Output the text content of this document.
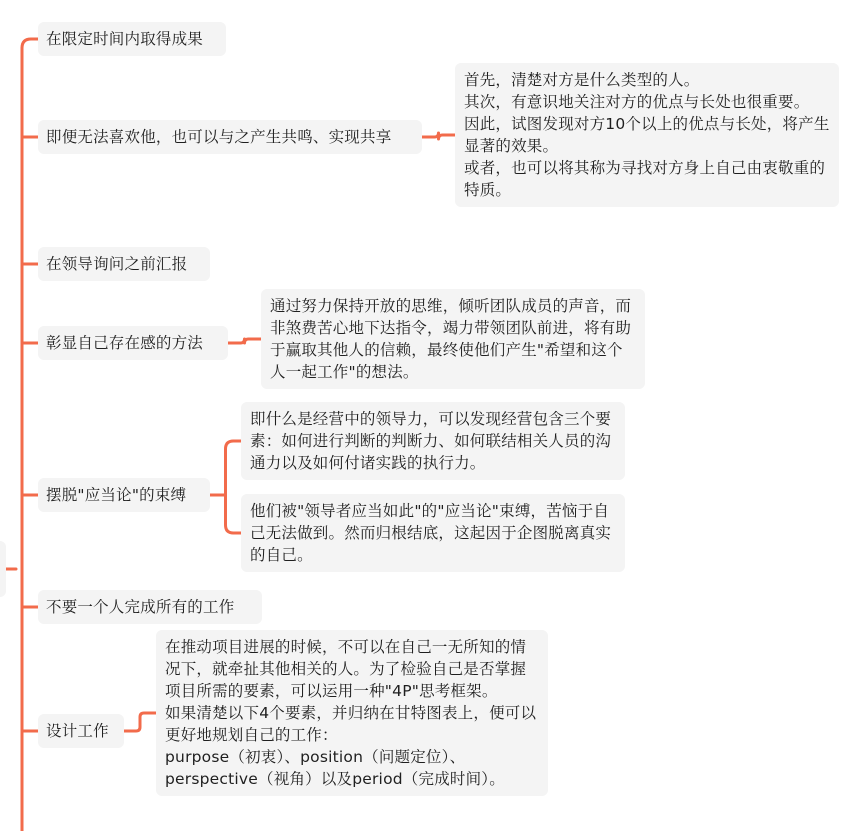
在限定时间内取得成果
即便无法喜欢他，也可以与之产生共鸣、实现共享
在领导询问之前汇报
彰显自己存在感的方法
摆脱"应当论"的束缚
不要一个人完成所有的工作
设计工作
首先，清楚对方是什么类型的人。
其次，有意识地关注对方的优点与长处也很重要。
因此，试图发现对方10个以上的优点与长处，将产生显著的效果。
或者，也可以将其称为寻找对方身上自己由衷敬重的特质。
通过努力保持开放的思维，倾听团队成员的声音，而非煞费苦心地下达指令，竭力带领团队前进，将有助于赢取其他人的信赖，最终使他们产生"希望和这个人一起工作"的想法。
即什么是经营中的领导力，可以发现经营包含三个要素：如何进行判断的判断力、如何联结相关人员的沟通力以及如何付诸实践的执行力。
他们被"领导者应当如此"的"应当论"束缚，苦恼于自己无法做到。然而归根结底，这起因于企图脱离真实的自己。
在推动项目进展的时候，不可以在自己一无所知的情况下，就牵扯其他相关的人。为了检验自己是否掌握项目所需的要素，可以运用一种"4P"思考框架。
如果清楚以下4个要素，并归纳在甘特图表上，便可以更好地规划自己的工作：
purpose（初衷）、position（问题定位）、perspective（视角）以及period（完成时间）。
